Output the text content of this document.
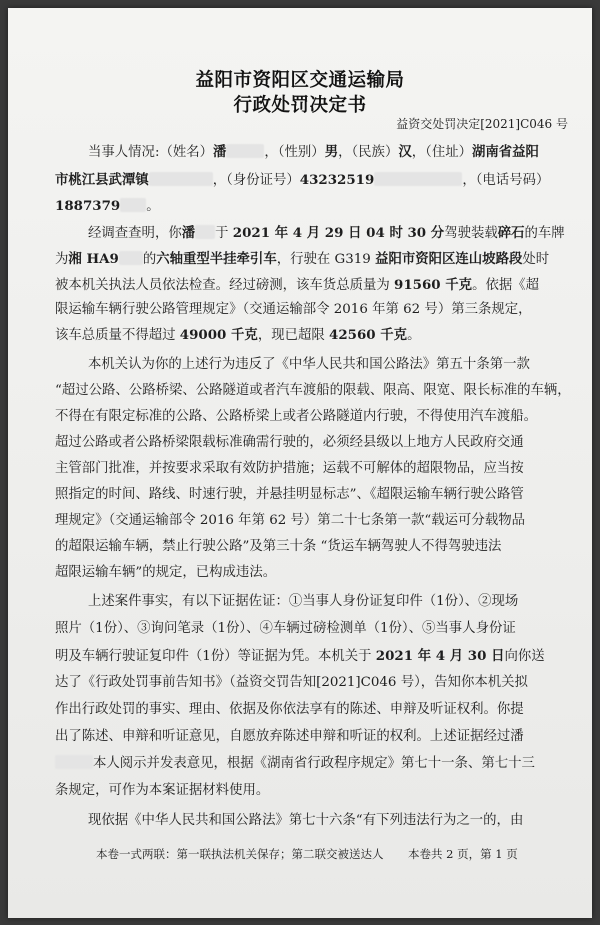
益阳市资阳区交通运输局
行政处罚决定书
益资交处罚决定[2021]C046 号
当事人情况:（姓名）潘	，（性别）男，（民族）汉，（住址）湖南省益阳
市桃江县武潭镇	，（身份证号）43232519	，（电话号码）
1887379 。
经调查查明，你潘 于 2021 年 4 月 29 日 04 时 30 分驾驶装载碎石的车牌
为湘 HA9 的六轴重型半挂牵引车，行驶在 G319 益阳市资阳区连山坡路段处时
被本机关执法人员依法检查。经过磅测，该车货总质量为 91560 千克。依据《超
限运输车辆行驶公路管理规定》（交通运输部令 2016 年第 62 号）第三条规定，
该车总质量不得超过 49000 千克，现已超限 42560 千克。
本机关认为你的上述行为违反了《中华人民共和国公路法》第五十条第一款
“超过公路、公路桥梁、公路隧道或者汽车渡船的限载、限高、限宽、限长标准的车辆，
不得在有限定标准的公路、公路桥梁上或者公路隧道内行驶，不得使用汽车渡船。
超过公路或者公路桥梁限载标准确需行驶的，必须经县级以上地方人民政府交通
主管部门批准，并按要求采取有效防护措施；运载不可解体的超限物品，应当按
照指定的时间、路线、时速行驶，并悬挂明显标志”、《超限运输车辆行驶公路管
理规定》（交通运输部令 2016 年第 62 号）第二十七条第一款“载运可分载物品
的超限运输车辆，禁止行驶公路”及第三十条 “货运车辆驾驶人不得驾驶违法
超限运输车辆”的规定，已构成违法。
上述案件事实，有以下证据佐证：①当事人身份证复印件（1份）、②现场
照片（1份）、③询问笔录（1份）、④车辆过磅检测单（1份）、⑤当事人身份证
明及车辆行驶证复印件（1份）等证据为凭。本机关于 2021 年 4 月 30 日向你送
达了《行政处罚事前告知书》（益资交罚告知[2021]C046 号），告知你本机关拟
作出行政处罚的事实、理由、依据及你依法享有的陈述、申辩及听证权利。你提
出了陈述、申辩和听证意见，自愿放弃陈述申辩和听证的权利。上述证据经过潘
本人阅示并发表意见，根据《湖南省行政程序规定》第七十一条、第七十三
条规定，可作为本案证据材料使用。
现依据《中华人民共和国公路法》第七十六条“有下列违法行为之一的，由
本卷一式两联：第一联执法机关保存；第二联交被送达人 本卷共 2 页，第 1 页
